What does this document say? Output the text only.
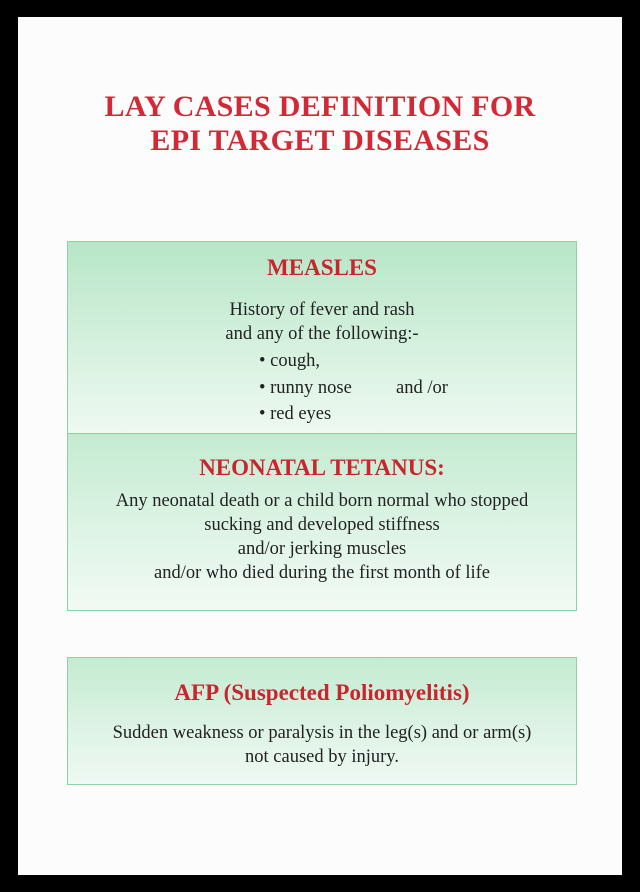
LAY CASES DEFINITION FOR
EPI TARGET DISEASES
MEASLES
History of fever and rash
and any of the following:-
• cough,
• runny nose and /or
• red eyes
NEONATAL TETANUS:
Any neonatal death or a child born normal who stopped
sucking and developed stiffness
and/or jerking muscles
and/or who died during the first month of life
AFP (Suspected Poliomyelitis)
Sudden weakness or paralysis in the leg(s) and or arm(s)
not caused by injury.
